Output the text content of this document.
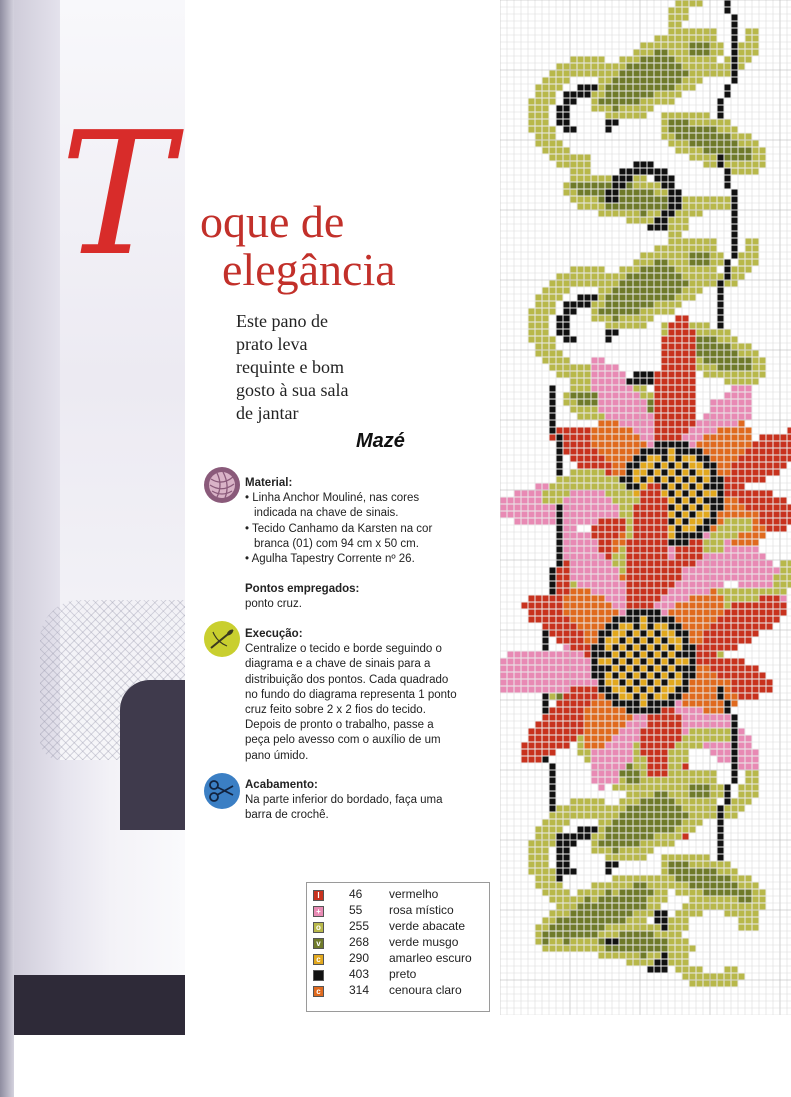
T oque de
elegância
Este pano de
prato leva
requinte e bom
gosto à sua sala
de jantar
Mazé
Material:
• Linha Anchor Mouliné, nas cores
indicada na chave de sinais.
• Tecido Canhamo da Karsten na cor
branca (01) com 94 cm x 50 cm.
• Agulha Tapestry Corrente nº 26.
Pontos empregados:
ponto cruz.
Execução:
Centralize o tecido e borde seguindo o
diagrama e a chave de sinais para a
distribuição dos pontos. Cada quadrado
no fundo do diagrama representa 1 ponto
cruz feito sobre 2 x 2 fios do tecido.
Depois de pronto o trabalho, passe a
peça pelo avesso com o auxílio de um
pano úmido.
Acabamento:
Na parte inferior do bordado, faça uma
barra de crochê.
I	46 vermelho
+ 55 rosa místico
o 255 verde abacate
v 268 verde musgo
c 290 amarleo escuro
403 preto
c 314 cenoura claro
